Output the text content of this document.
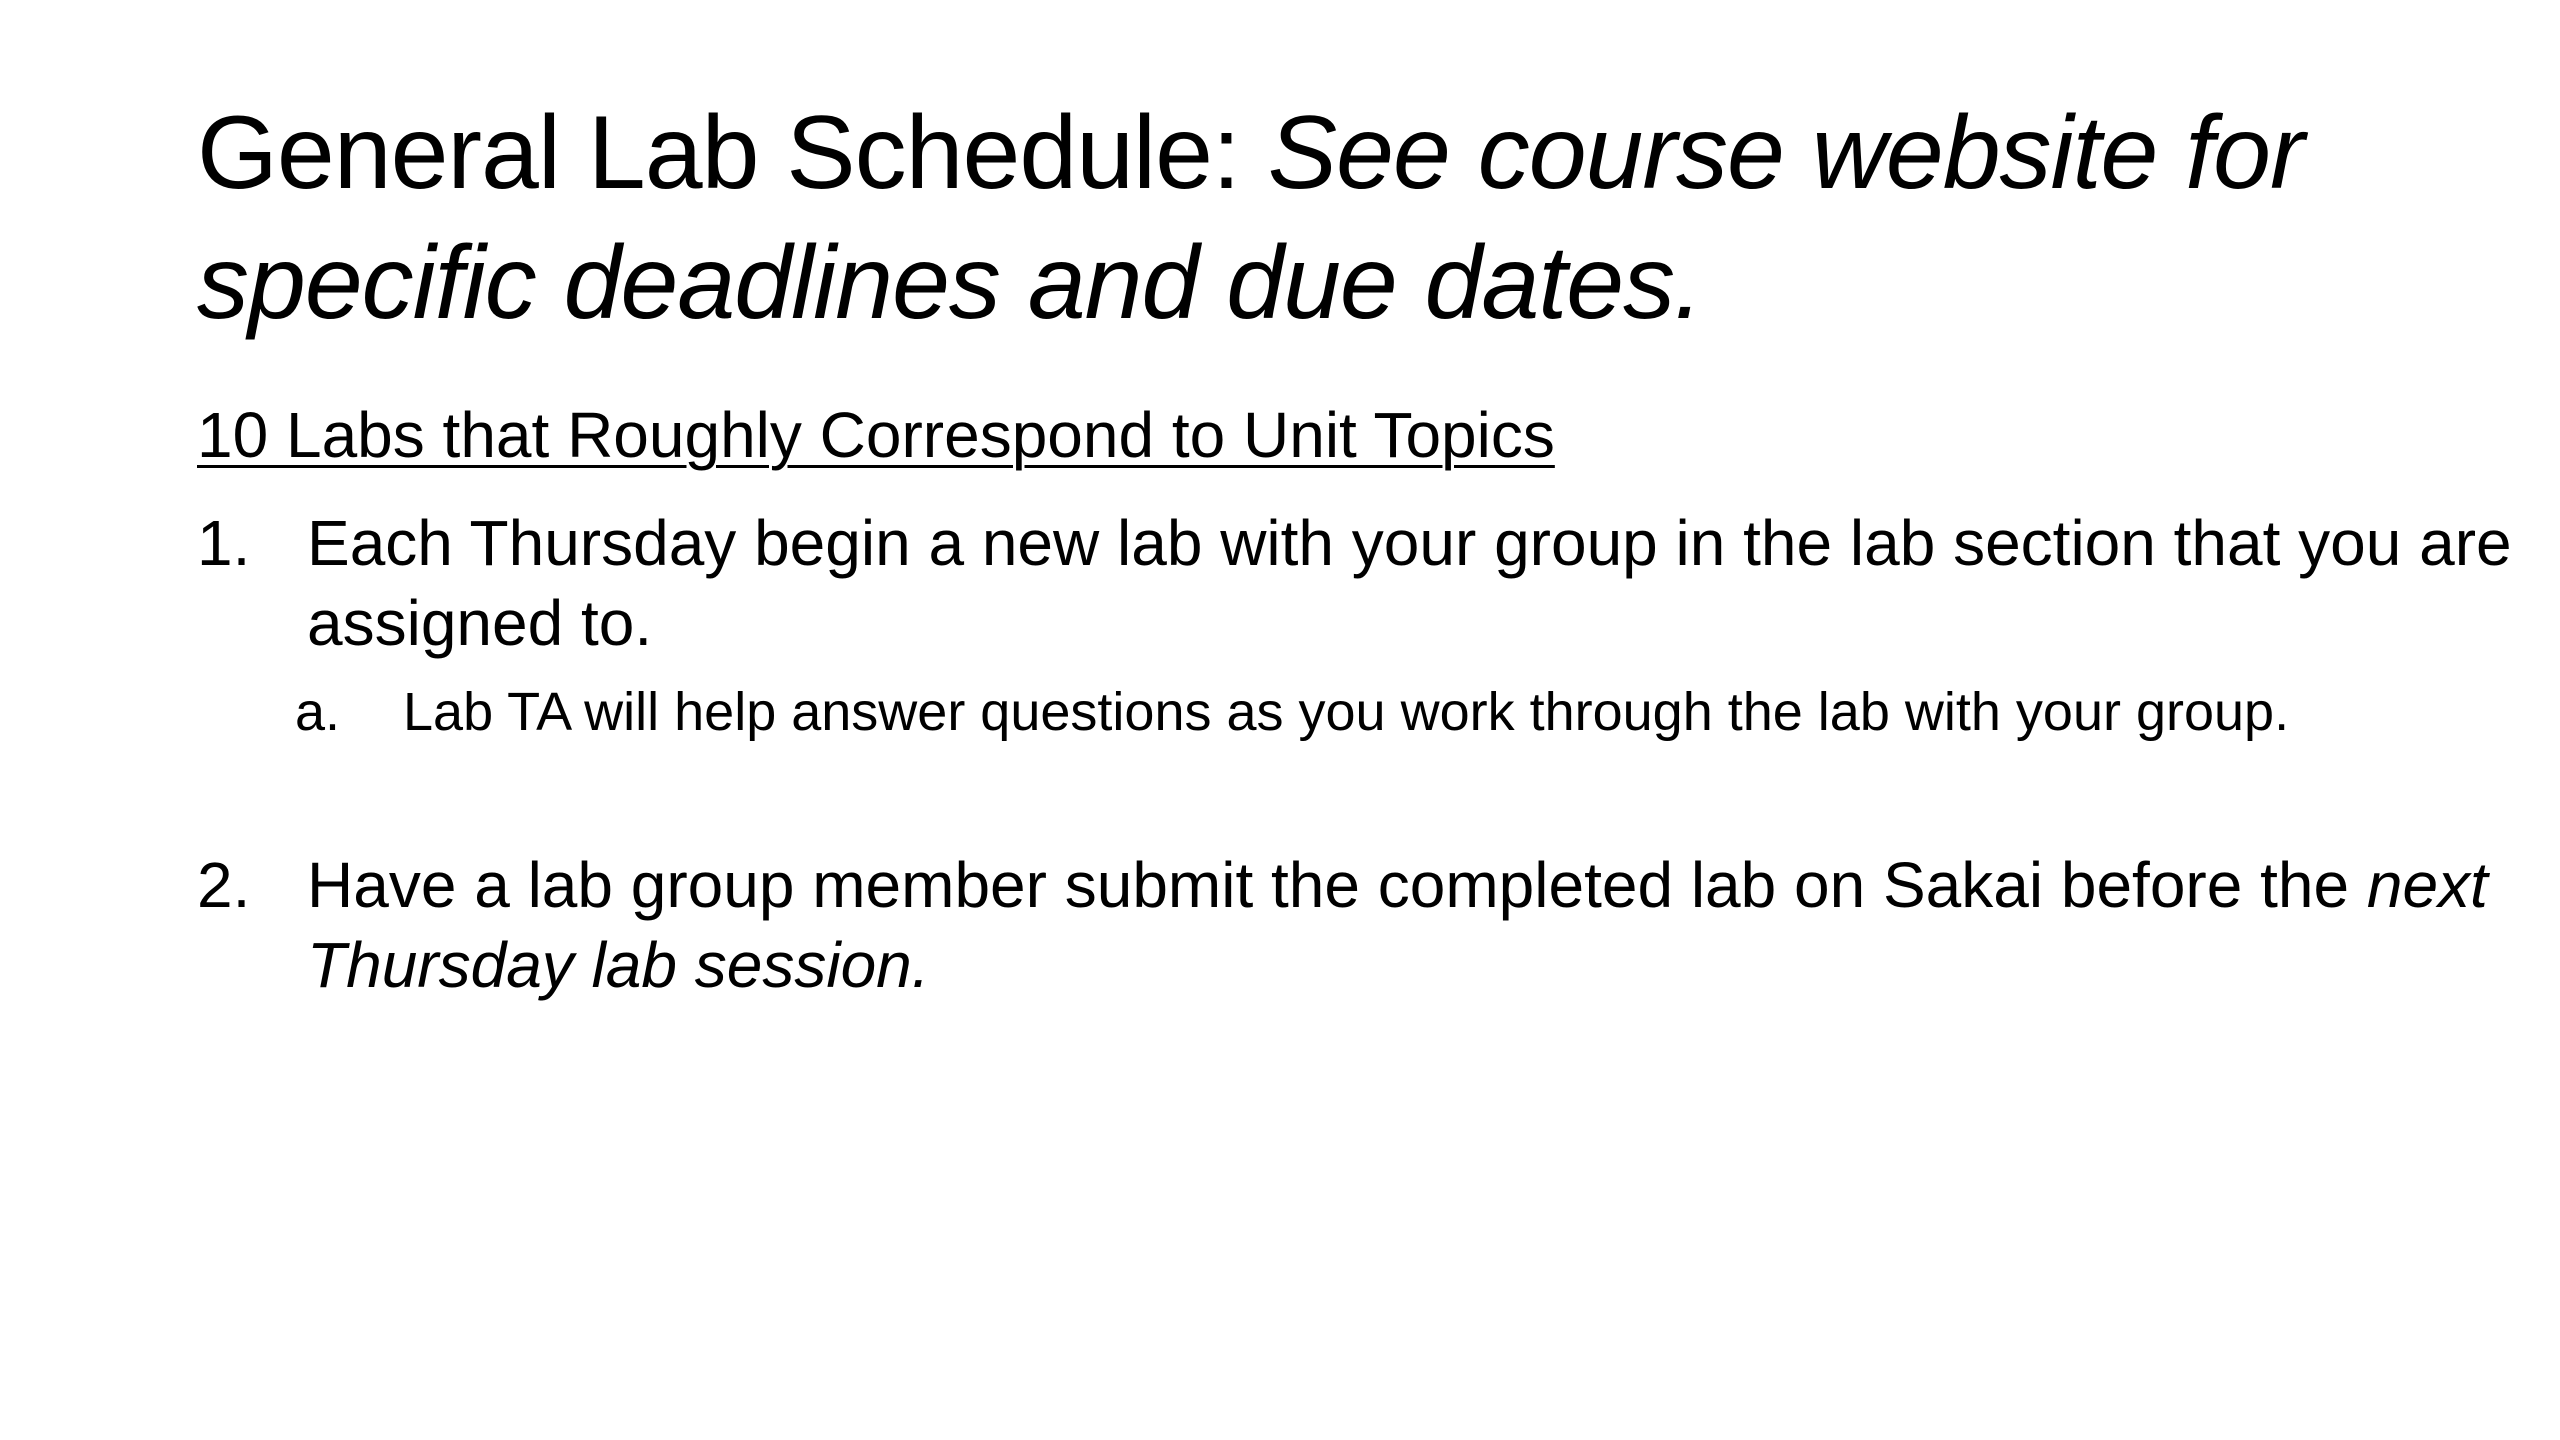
General Lab Schedule: See course website for specific deadlines and due dates.
10 Labs that Roughly Correspond to Unit Topics
1. Each Thursday begin a new lab with your group in the lab section that you are assigned to.
a. Lab TA will help answer questions as you work through the lab with your group.
2. Have a lab group member submit the completed lab on Sakai before the next Thursday lab session.
